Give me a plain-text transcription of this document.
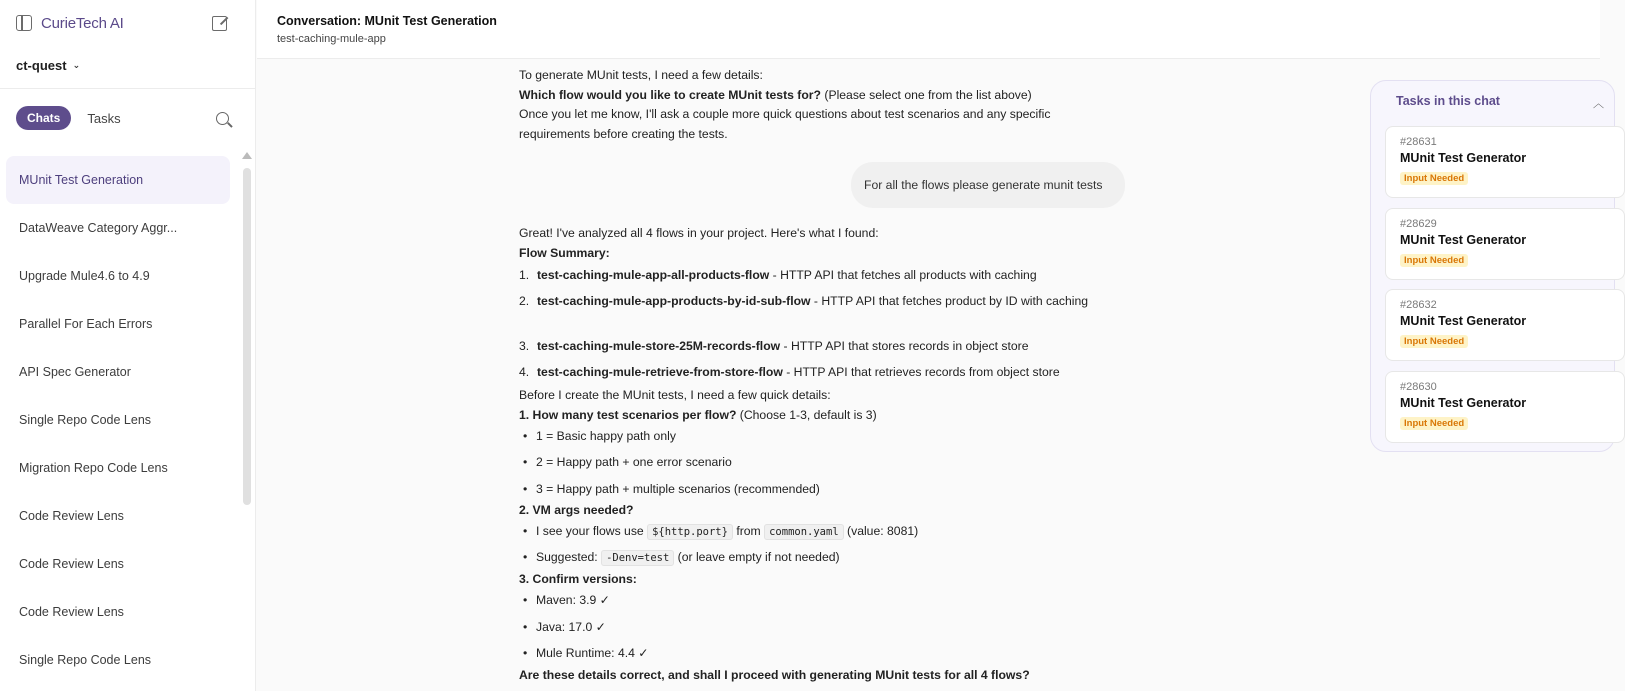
CurieTech AI
ct-quest ⌄
Chats	Tasks
MUnit Test Generation
DataWeave Category Aggr...
Upgrade Mule4.6 to 4.9
Parallel For Each Errors
API Spec Generator
Single Repo Code Lens
Migration Repo Code Lens
Code Review Lens
Code Review Lens
Code Review Lens
Single Repo Code Lens
Conversation: MUnit Test Generation
test-caching-mule-app
To generate MUnit tests, I need a few details:
Which flow would you like to create MUnit tests for? (Please select one from the list above)
Once you let me know, I'll ask a couple more quick questions about test scenarios and any specific requirements before creating the tests.
For all the flows please generate munit tests
Great! I've analyzed all 4 flows in your project. Here's what I found:
Flow Summary:
1. test-caching-mule-app-all-products-flow - HTTP API that fetches all products with caching
2. test-caching-mule-app-products-by-id-sub-flow - HTTP API that fetches product by ID with caching
3. test-caching-mule-store-25M-records-flow - HTTP API that stores records in object store
4. test-caching-mule-retrieve-from-store-flow - HTTP API that retrieves records from object store
Before I create the MUnit tests, I need a few quick details:
1. How many test scenarios per flow? (Choose 1-3, default is 3)
• 1 = Basic happy path only
• 2 = Happy path + one error scenario
• 3 = Happy path + multiple scenarios (recommended)
2. VM args needed?
• I see your flows use ${http.port} from common.yaml (value: 8081)
• Suggested: -Denv=test (or leave empty if not needed)
3. Confirm versions:
• Maven: 3.9 ✓
• Java: 17.0 ✓
• Mule Runtime: 4.4 ✓
Are these details correct, and shall I proceed with generating MUnit tests for all 4 flows?
Tasks in this chat	︿
#28631
MUnit Test Generator
Input Needed
#28629
MUnit Test Generator
Input Needed
#28632
MUnit Test Generator
Input Needed
#28630
MUnit Test Generator
Input Needed
